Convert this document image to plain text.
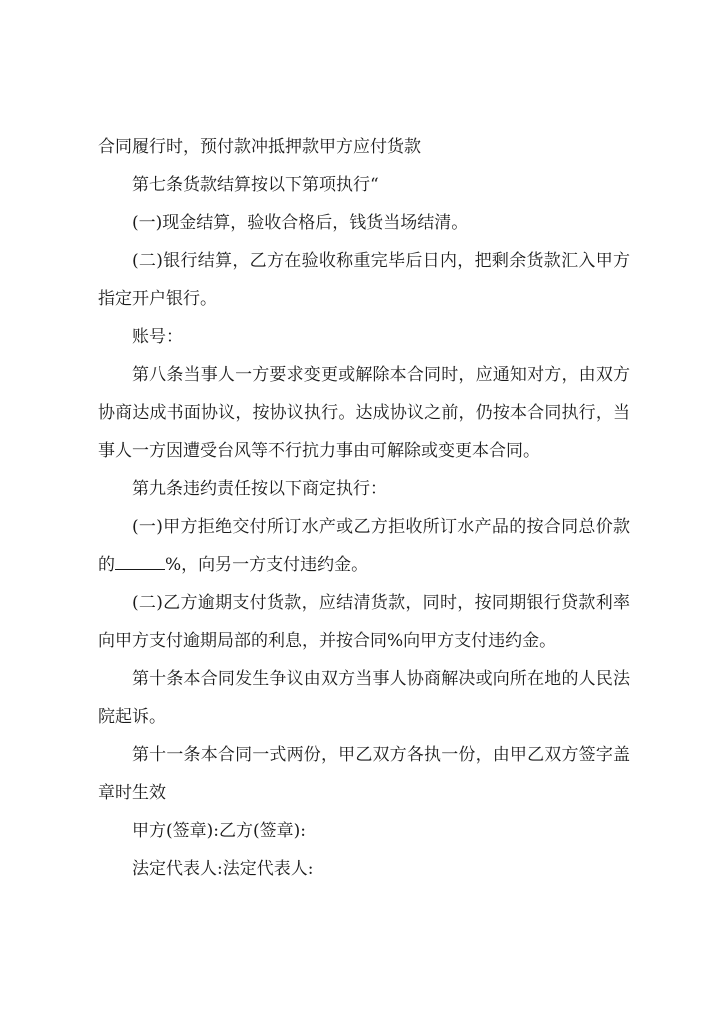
合同履行时，预付款冲抵押款甲方应付货款

第七条货款结算按以下第项执行“

(一)现金结算，验收合格后，钱货当场结清。

(二)银行结算，乙方在验收称重完毕后日内，把剩余货款汇入甲方指定开户银行。

账号：

第八条当事人一方要求变更或解除本合同时，应通知对方，由双方协商达成书面协议，按协议执行。达成协议之前，仍按本合同执行，当事人一方因遭受台风等不行抗力事由可解除或变更本合同。

第九条违约责任按以下商定执行：

(一)甲方拒绝交付所订水产或乙方拒收所订水产品的按合同总价款的	%，向另一方支付违约金。

(二)乙方逾期支付货款，应结清货款，同时，按同期银行贷款利率向甲方支付逾期局部的利息，并按合同%向甲方支付违约金。

第十条本合同发生争议由双方当事人协商解决或向所在地的人民法院起诉。

第十一条本合同一式两份，甲乙双方各执一份，由甲乙双方签字盖章时生效

甲方(签章):乙方(签章):

法定代表人:法定代表人:
